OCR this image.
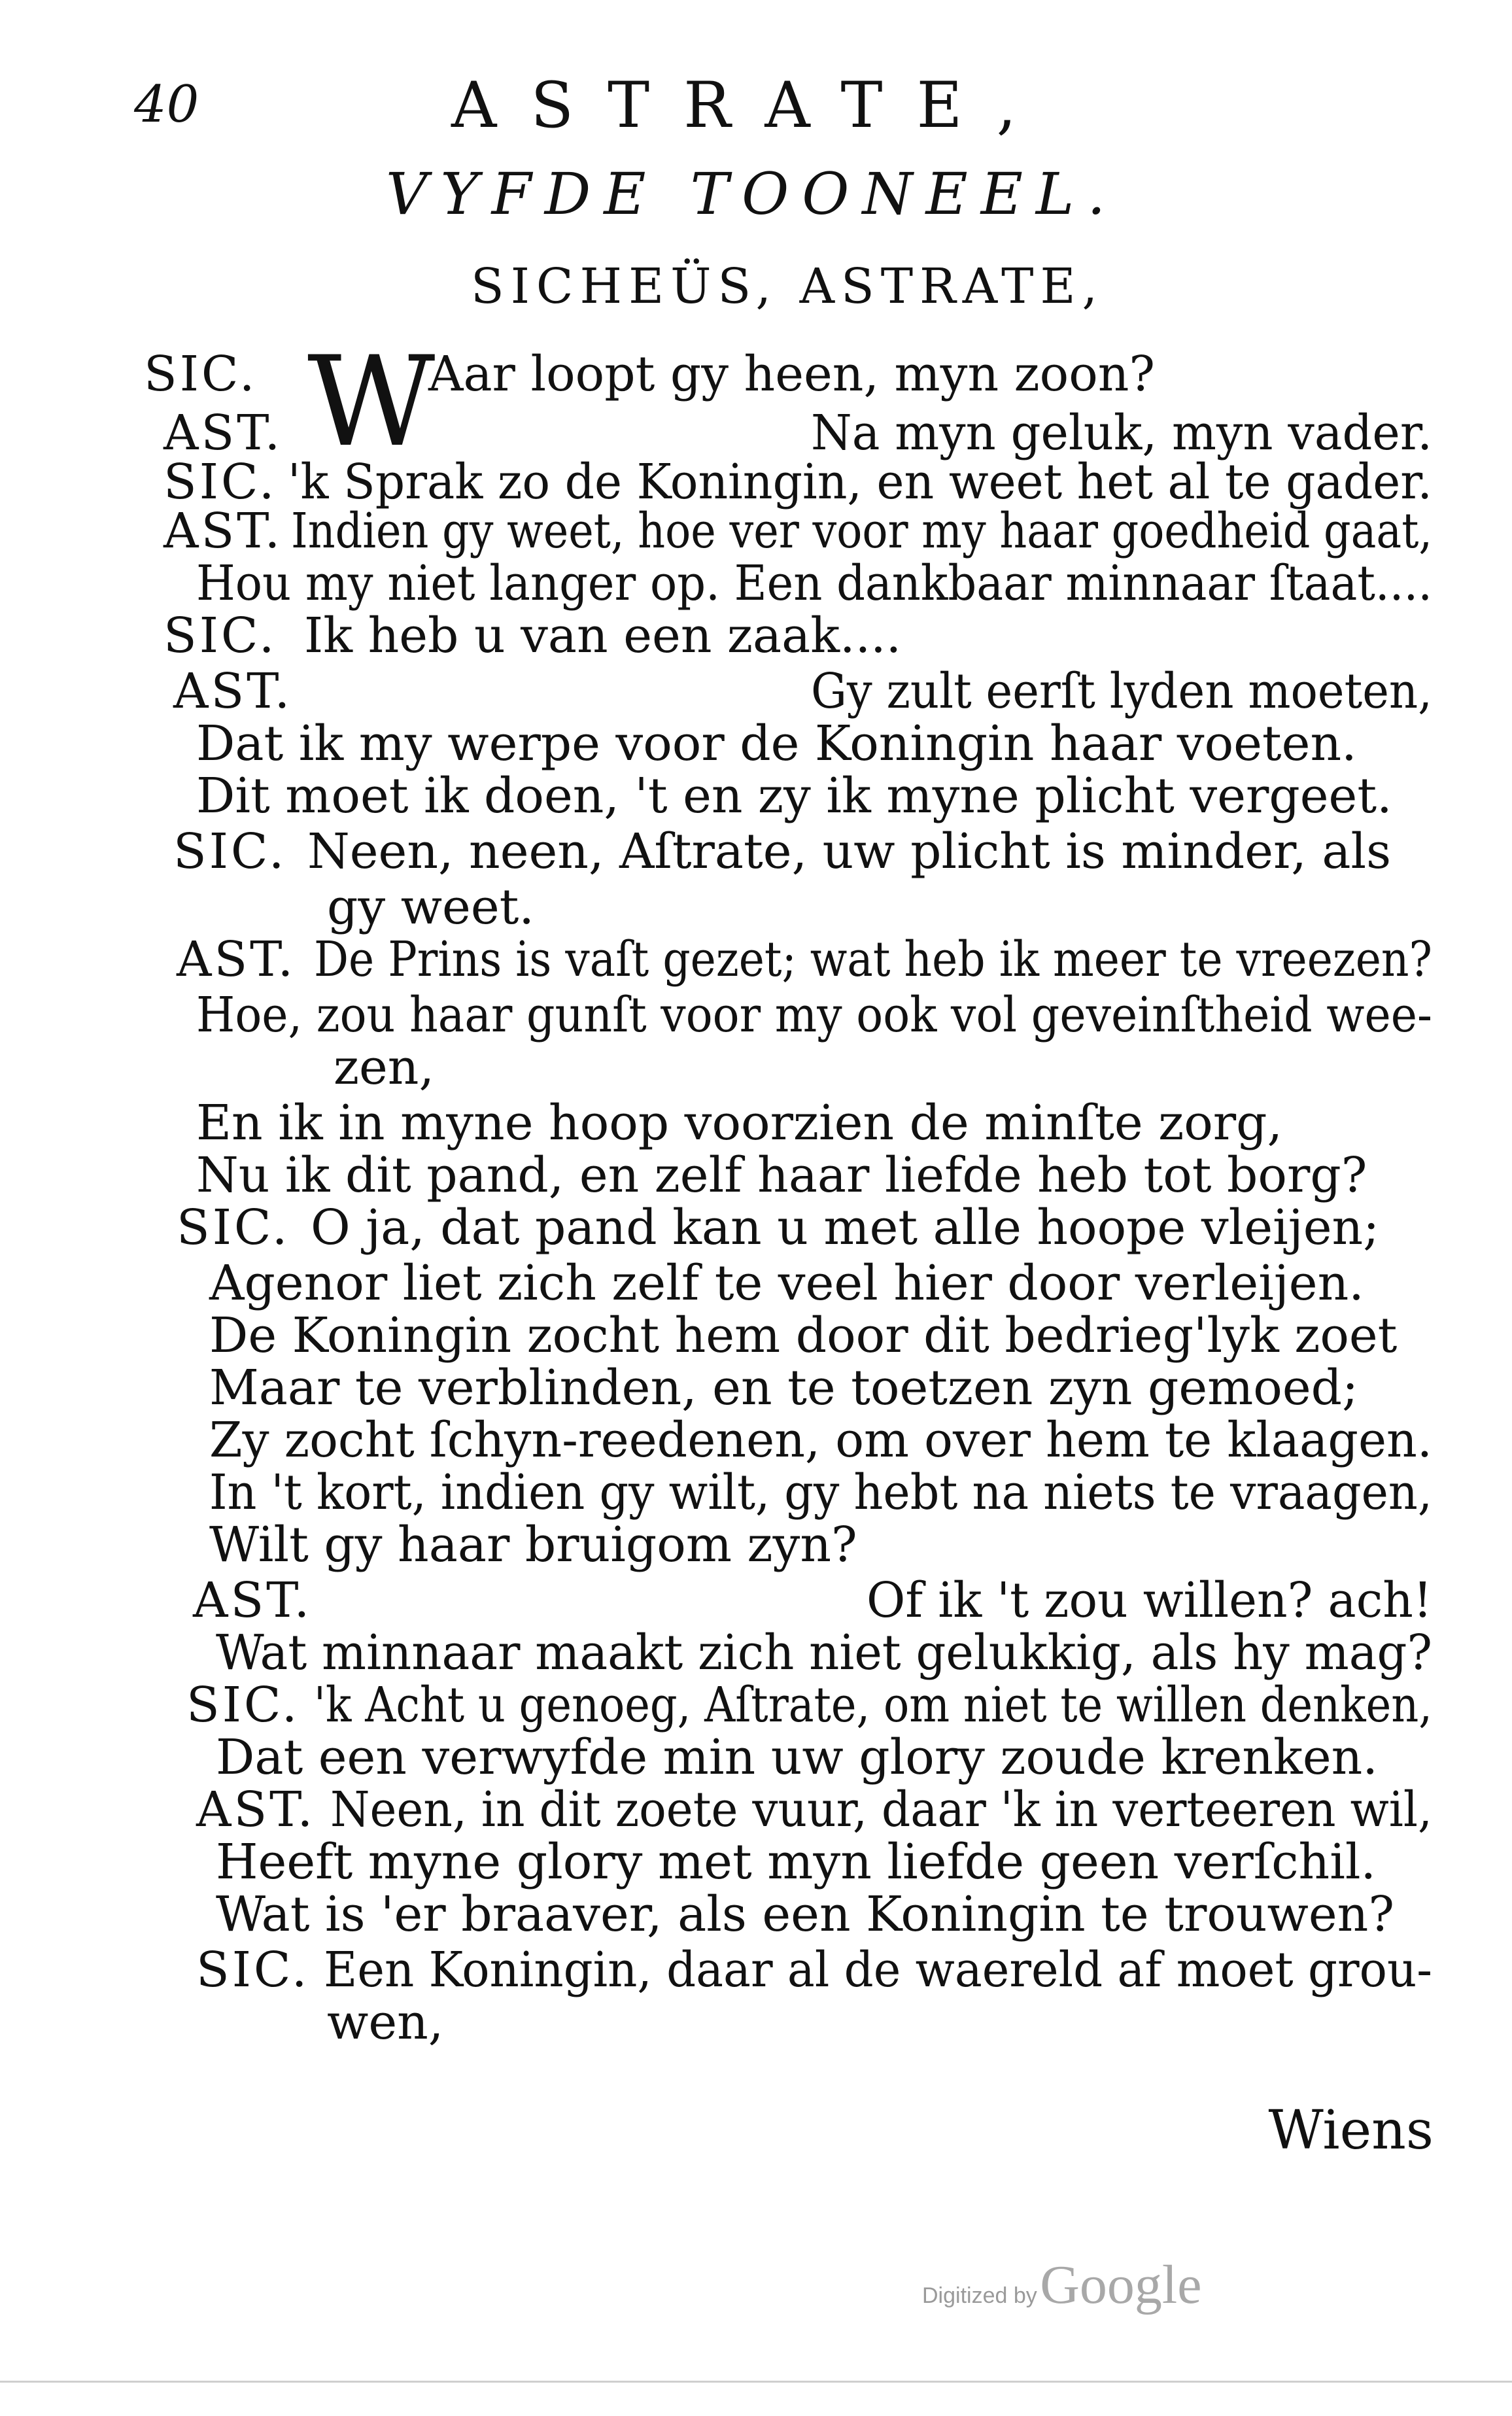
40	ASTRATE,
VYFDE TOONEEL.
SICHEÜS, ASTRATE,
W
SIC.	Aar loopt gy heen, myn zoon?
AST.	Na myn geluk, myn vader.
SIC. 'k Sprak zo de Koningin, en weet het al te gader.
AST. Indien gy weet, hoe ver voor my haar goedheid gaat,
Hou my niet langer op. Een dankbaar minnaar ſtaat....
SIC. Ik heb u van een zaak....
AST.	Gy zult eerſt lyden moeten,
Dat ik my werpe voor de Koningin haar voeten.
Dit moet ik doen, 't en zy ik myne plicht vergeet.
SIC. Neen, neen, Aſtrate, uw plicht is minder, als
gy weet.
AST. De Prins is vaſt gezet; wat heb ik meer te vreezen?
Hoe, zou haar gunſt voor my ook vol geveinſtheid wee-
zen,
En ik in myne hoop voorzien de minſte zorg,
Nu ik dit pand, en zelf haar liefde heb tot borg?
SIC. O ja, dat pand kan u met alle hoope vleijen;
Agenor liet zich zelf te veel hier door verleijen.
De Koningin zocht hem door dit bedrieg'lyk zoet
Maar te verblinden, en te toetzen zyn gemoed;
Zy zocht ſchyn-reedenen, om over hem te klaagen.
In 't kort, indien gy wilt, gy hebt na niets te vraagen,
Wilt gy haar bruigom zyn?
AST.	Of ik 't zou willen? ach!
Wat minnaar maakt zich niet gelukkig, als hy mag?
SIC. 'k Acht u genoeg, Aſtrate, om niet te willen denken,
Dat een verwyfde min uw glory zoude krenken.
AST. Neen, in dit zoete vuur, daar 'k in verteeren wil,
Heeft myne glory met myn liefde geen verſchil.
Wat is 'er braaver, als een Koningin te trouwen?
SIC. Een Koningin, daar al de waereld af moet grou-
wen,
Wiens
Digitized by Google
